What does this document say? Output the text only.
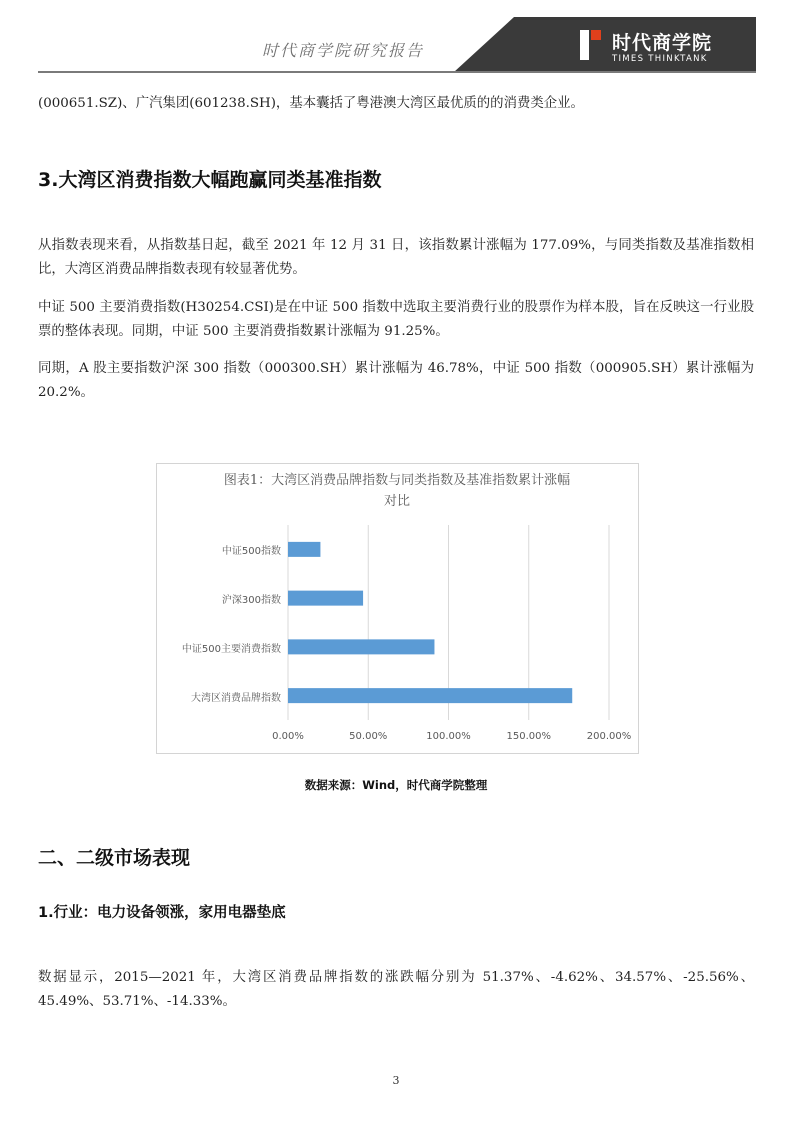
时代商学院研究报告	时代商学院
TIMES THINKTANK
(000651.SZ)、广汽集团(601238.SH)，基本囊括了粤港澳大湾区最优质的的消费类企业。
3.大湾区消费指数大幅跑赢同类基准指数
从指数表现来看，从指数基日起，截至 2021 年 12 月 31 日，该指数累计涨幅为 177.09%，与同类指数及基准指数相比，大湾区消费品牌指数表现有较显著优势。
中证 500 主要消费指数(H30254.CSI)是在中证 500 指数中选取主要消费行业的股票作为样本股，旨在反映这一行业股票的整体表现。同期，中证 500 主要消费指数累计涨幅为 91.25%。
同期，A 股主要指数沪深 300 指数（000300.SH）累计涨幅为 46.78%，中证 500 指数（000905.SH）累计涨幅为 20.2%。
图表1：大湾区消费品牌指数与同类指数及基准指数累计涨幅
对比
0.00%	50.00%	100.00%	150.00%	200.00%
中证500指数
沪深300指数
中证500主要消费指数
大湾区消费品牌指数
数据来源：Wind，时代商学院整理
二、二级市场表现
1.行业：电力设备领涨，家用电器垫底
数据显示，2015—2021 年，大湾区消费品牌指数的涨跌幅分别为 51.37%、-4.62%、34.57%、-25.56%、45.49%、53.71%、-14.33%。
3
